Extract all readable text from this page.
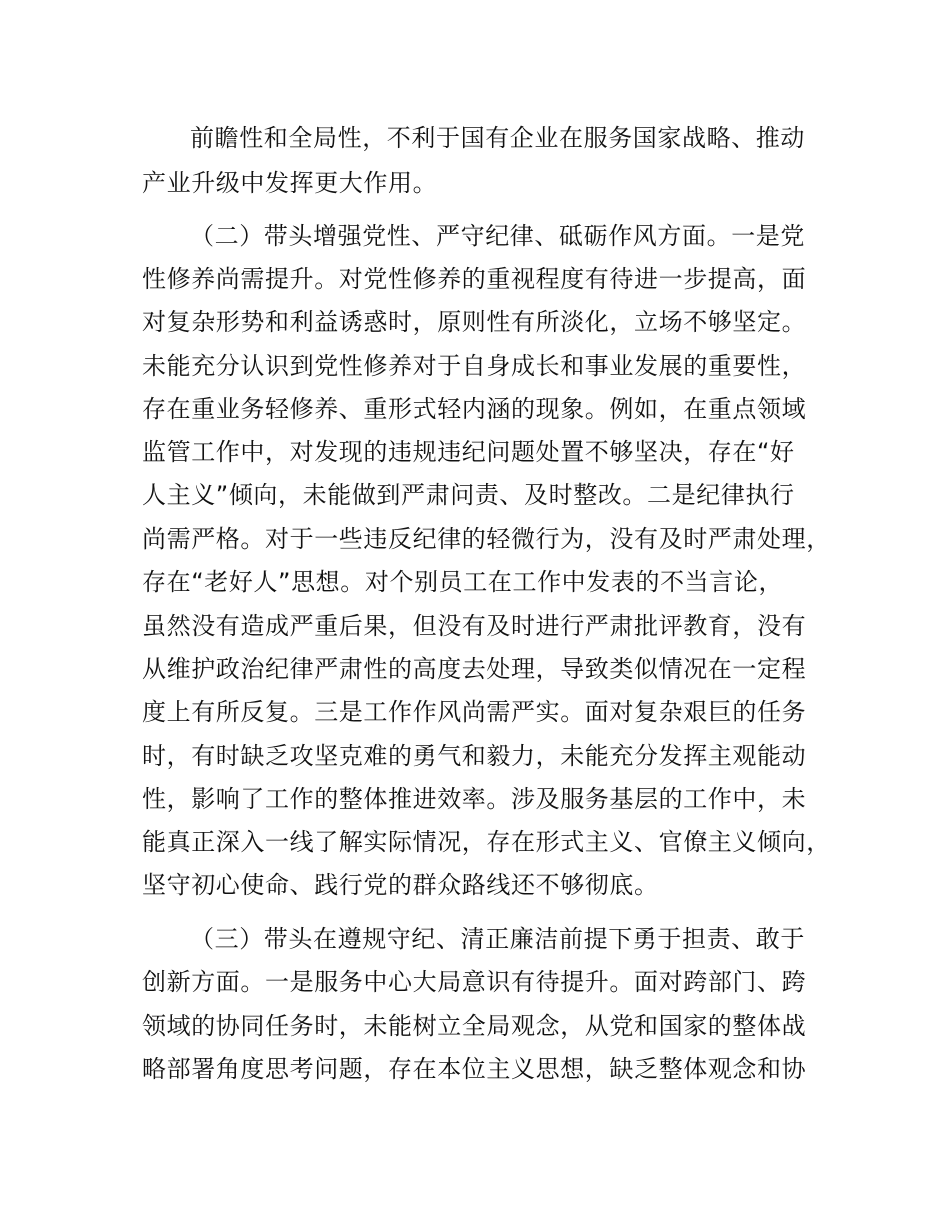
前瞻性和全局性，不利于国有企业在服务国家战略、推动
产业升级中发挥更大作用。
（二）带头增强党性、严守纪律、砥砺作风方面。一是党
性修养尚需提升。对党性修养的重视程度有待进一步提高，面
对复杂形势和利益诱惑时，原则性有所淡化，立场不够坚定。
未能充分认识到党性修养对于自身成长和事业发展的重要性，
存在重业务轻修养、重形式轻内涵的现象。例如，在重点领域
监管工作中，对发现的违规违纪问题处置不够坚决，存在“好
人主义”倾向，未能做到严肃问责、及时整改。二是纪律执行
尚需严格。对于一些违反纪律的轻微行为，没有及时严肃处理，
存在“老好人”思想。对个别员工在工作中发表的不当言论，
虽然没有造成严重后果，但没有及时进行严肃批评教育，没有
从维护政治纪律严肃性的高度去处理，导致类似情况在一定程
度上有所反复。三是工作作风尚需严实。面对复杂艰巨的任务
时，有时缺乏攻坚克难的勇气和毅力，未能充分发挥主观能动
性，影响了工作的整体推进效率。涉及服务基层的工作中，未
能真正深入一线了解实际情况，存在形式主义、官僚主义倾向，
坚守初心使命、践行党的群众路线还不够彻底。
（三）带头在遵规守纪、清正廉洁前提下勇于担责、敢于
创新方面。一是服务中心大局意识有待提升。面对跨部门、跨
领域的协同任务时，未能树立全局观念，从党和国家的整体战
略部署角度思考问题，存在本位主义思想，缺乏整体观念和协
